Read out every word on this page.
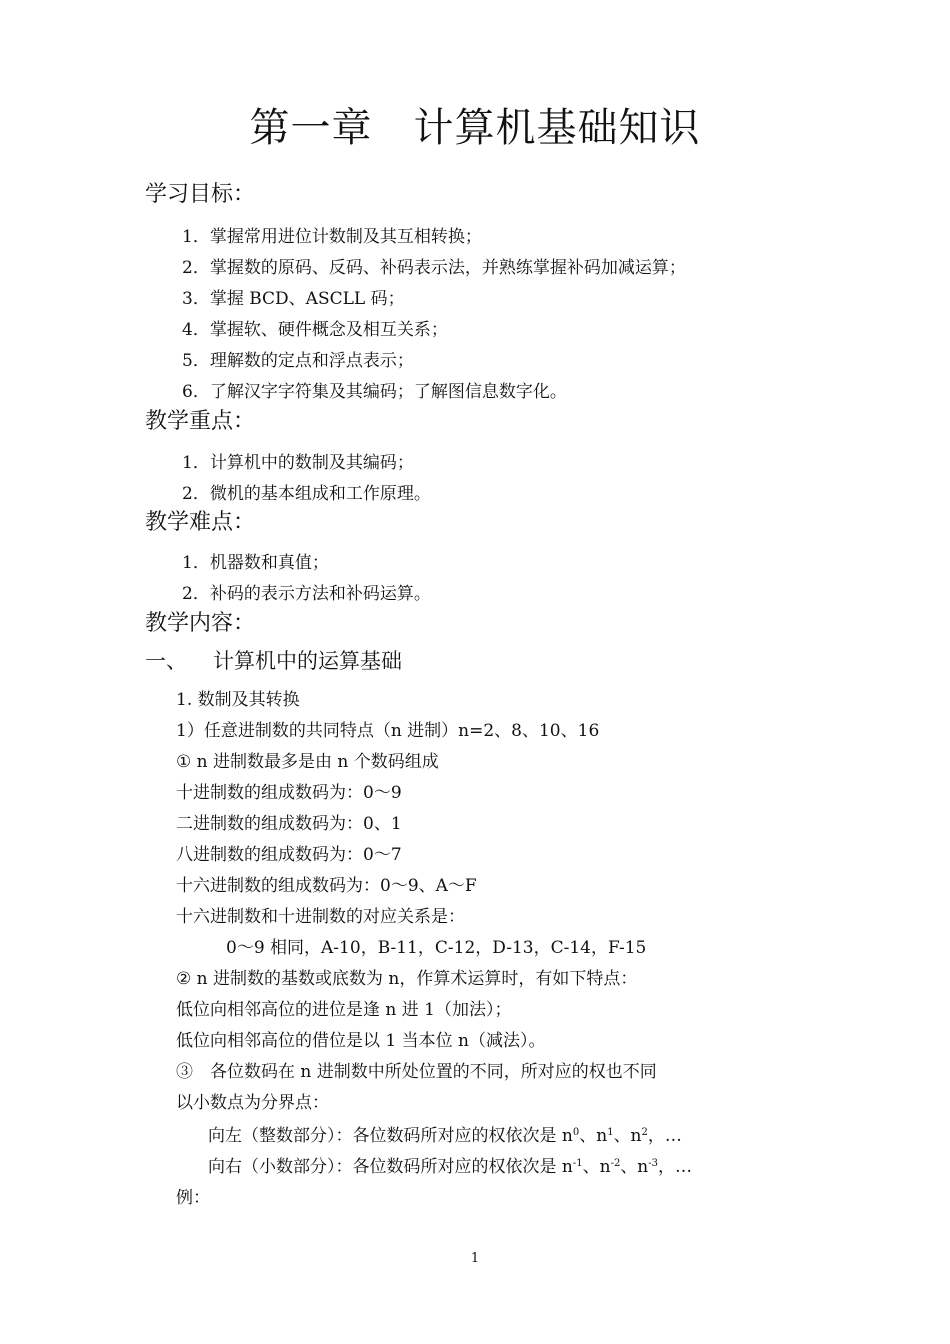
第一章　计算机基础知识
学习目标：

1．掌握常用进位计数制及其互相转换；

2．掌握数的原码、反码、补码表示法，并熟练掌握补码加减运算；

3．掌握 BCD、ASCLL 码；

4．掌握软、硬件概念及相互关系；

5．理解数的定点和浮点表示；

6．了解汉字字符集及其编码；了解图信息数字化。

教学重点：

1．计算机中的数制及其编码；

2．微机的基本组成和工作原理。

教学难点：

1．机器数和真值；

2．补码的表示方法和补码运算。

教学内容：

一、 计算机中的运算基础

1. 数制及其转换

1）任意进制数的共同特点（n 进制）n=2、8、10、16

① n 进制数最多是由 n 个数码组成

十进制数的组成数码为：0～9

二进制数的组成数码为：0、1

八进制数的组成数码为：0～7

十六进制数的组成数码为：0～9、A～F

十六进制数和十进制数的对应关系是：

0～9 相同，A-10，B-11，C-12，D-13，C-14，F-15

② n 进制数的基数或底数为 n，作算术运算时，有如下特点：

低位向相邻高位的进位是逢 n 进 1（加法）；

低位向相邻高位的借位是以 1 当本位 n（减法）。

③　各位数码在 n 进制数中所处位置的不同，所对应的权也不同

以小数点为分界点：

向左（整数部分）：各位数码所对应的权依次是 $n^0$、$n^1$、$n^2$，…

向右（小数部分）：各位数码所对应的权依次是 $n^{-1}$、$n^{-2}$、$n^{-3}$，…

例：

1
